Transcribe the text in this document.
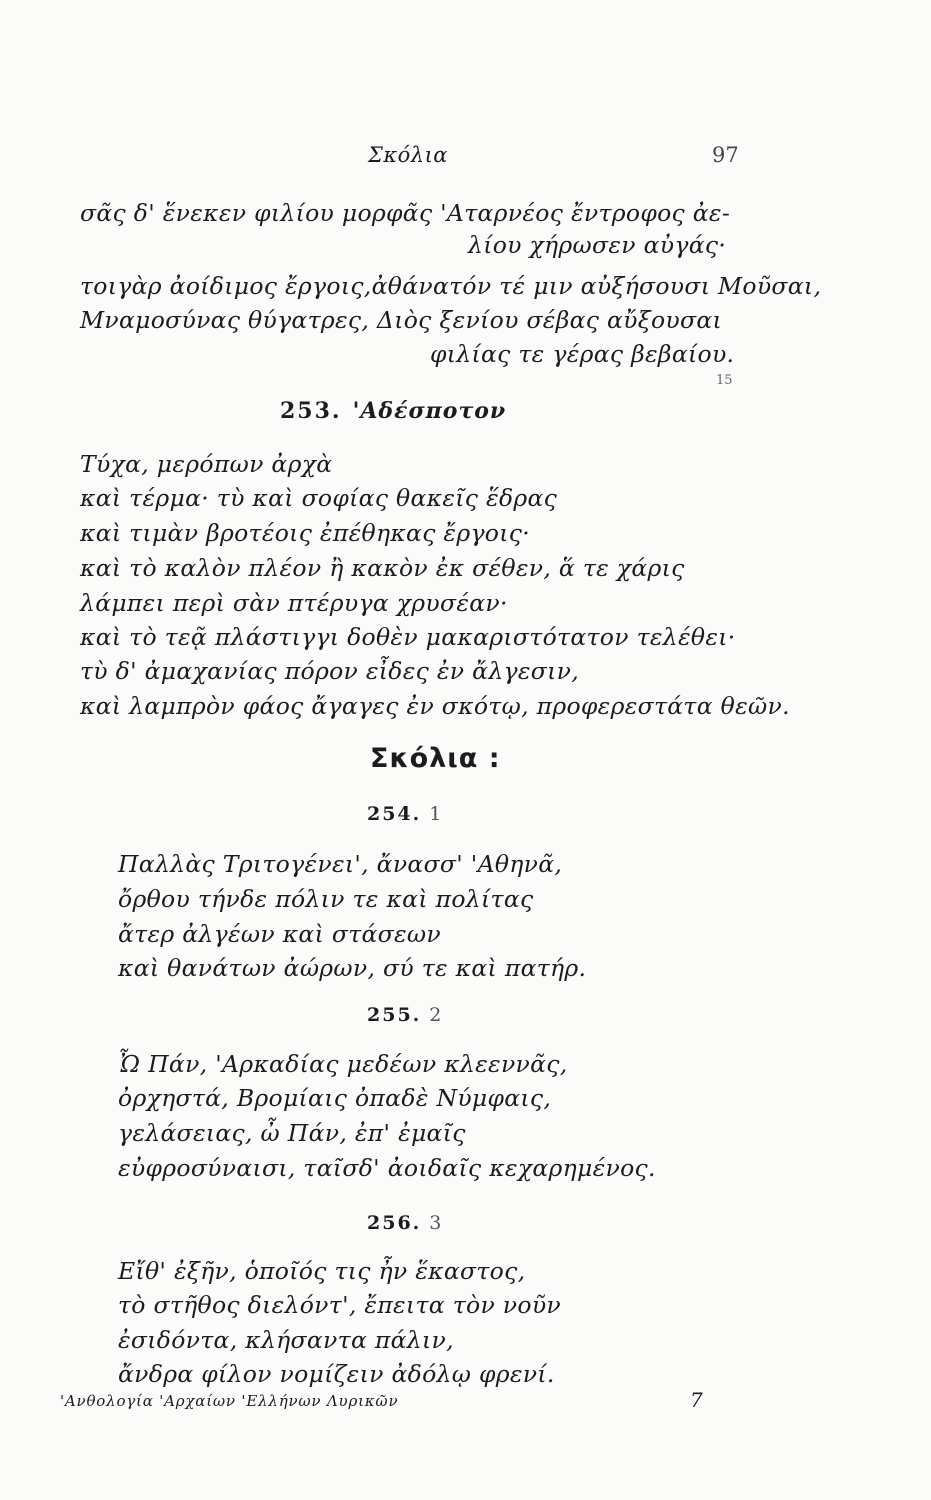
Σκόλια	97
σᾶς δ' ἕνεκεν φιλίου μορφᾶς 'Αταρνέος ἔντροφος ἀε-
λίου χήρωσεν αὐγάς·
τοιγὰρ ἀοίδιμος ἔργοις,ἀθάνατόν τέ μιν αὐξήσουσι Μοῦσαι,
Μναμοσύνας θύγατρες, Διὸς ξενίου σέβας αὔξουσαι
φιλίας τε γέρας βεβαίου.
15
253. 'Αδέσποτον
Τύχα, μερόπων ἀρχὰ
καὶ τέρμα· τὺ καὶ σοφίας θακεῖς ἕδρας
καὶ τιμὰν βροτέοις ἐπέθηκας ἔργοις·
καὶ τὸ καλὸν πλέον ἢ κακὸν ἐκ σέθεν, ἅ τε χάρις
λάμπει περὶ σὰν πτέρυγα χρυσέαν·
καὶ τὸ τεᾷ πλάστιγγι δοθὲν μακαριστότατον τελέθει·
τὺ δ' ἀμαχανίας πόρον εἶδες ἐν ἄλγεσιν,
καὶ λαμπρὸν φάος ἄγαγες ἐν σκότῳ, προφερεστάτα θεῶν.
Σκόλια :
254. 1
Παλλὰς Τριτογένει', ἄνασσ' 'Αθηνᾶ,
ὄρθου τήνδε πόλιν τε καὶ πολίτας
ἄτερ ἀλγέων καὶ στάσεων
καὶ θανάτων ἀώρων, σύ τε καὶ πατήρ.
255. 2
Ὦ Πάν, 'Αρκαδίας μεδέων κλεεννᾶς,
ὀρχηστά, Βρομίαις ὀπαδὲ Νύμφαις,
γελάσειας, ὦ Πάν, ἐπ' ἐμαῖς
εὐφροσύναισι, ταῖσδ' ἀοιδαῖς κεχαρημένος.
256. 3
Εἴθ' ἐξῆν, ὁποῖός τις ἦν ἕκαστος,
τὸ στῆθος διελόντ', ἔπειτα τὸν νοῦν
ἐσιδόντα, κλήσαντα πάλιν,
ἄνδρα φίλον νομίζειν ἀδόλῳ φρενί.
'Ανθολογία 'Αρχαίων 'Ελλήνων Λυρικῶν	7
